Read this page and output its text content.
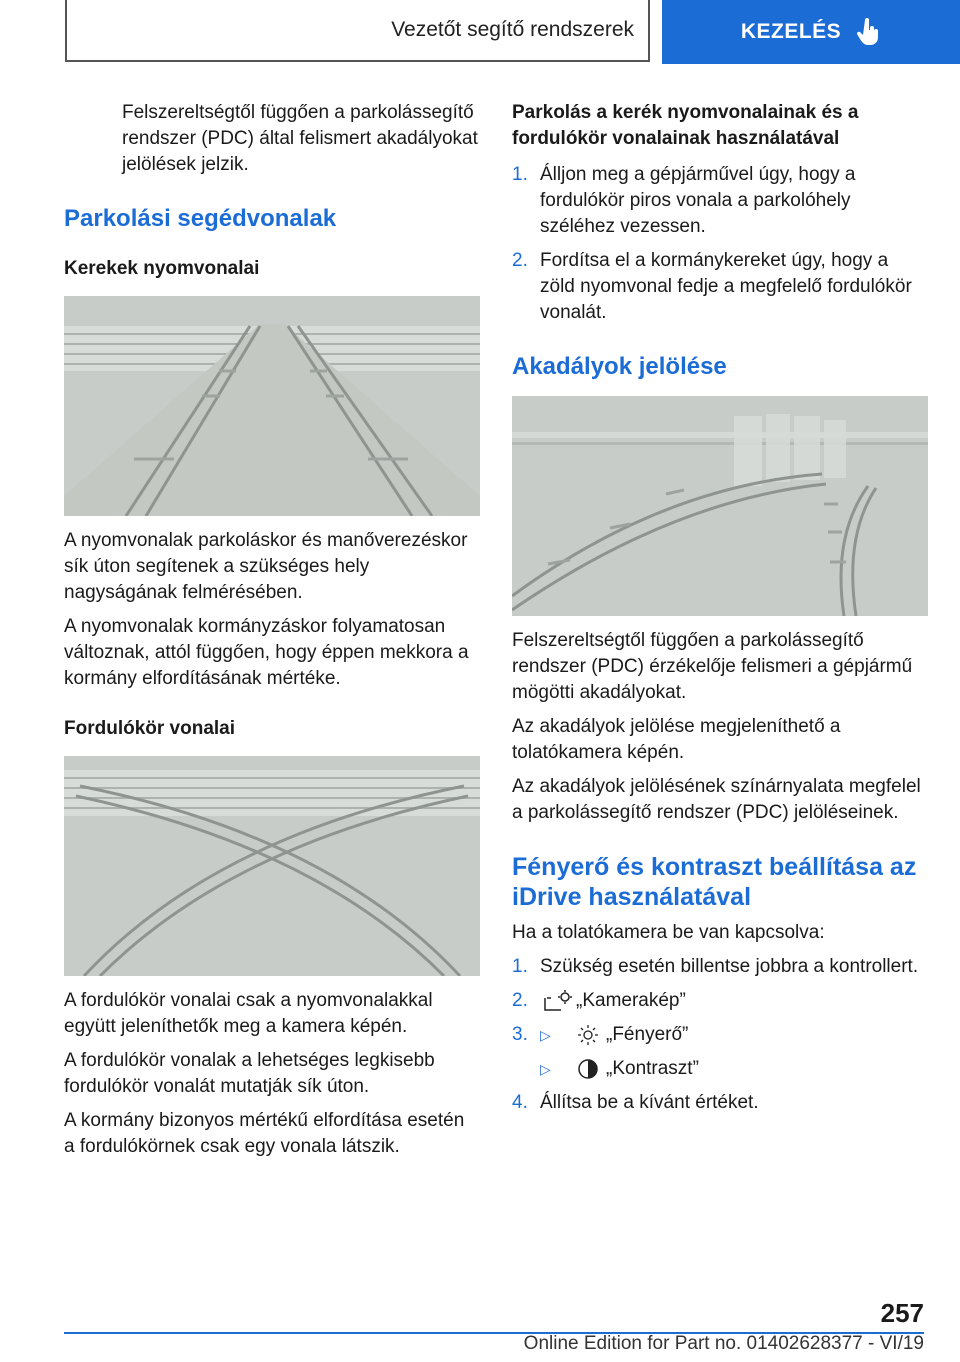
Vezetőt segítő rendszerek	KEZELÉS

Felszereltségtől függően a parkolássegítő rendszer (PDC) által felismert akadályokat jelölések jelzik.

Parkolási segédvonalak
Kerekek nyomvonalai

A nyomvonalak parkoláskor és manőverezéskor sík úton segítenek a szükséges hely nagyságának felmérésében.

A nyomvonalak kormányzáskor folyamatosan változnak, attól függően, hogy éppen mekkora a kormány elfordításának mértéke.

Fordulókör vonalai

A fordulókör vonalai csak a nyomvonalakkal együtt jeleníthetők meg a kamera képén.

A fordulókör vonalak a lehetséges legkisebb fordulókör vonalát mutatják sík úton.

A kormány bizonyos mértékű elfordítása esetén a fordulókörnek csak egy vonala látszik.

Parkolás a kerék nyomvonalainak és a fordulókör vonalainak használatával
1. Álljon meg a gépjárművel úgy, hogy a fordulókör piros vonala a parkolóhely széléhez vezessen.
2. Fordítsa el a kormánykereket úgy, hogy a zöld nyomvonal fedje a megfelelő fordulókör vonalát.
Akadályok jelölése

Felszereltségtől függően a parkolássegítő rendszer (PDC) érzékelője felismeri a gépjármű mögötti akadályokat.

Az akadályok jelölése megjeleníthető a tolatókamera képén.

Az akadályok jelölésének színárnyalata megfelel a parkolássegítő rendszer (PDC) jelöléseinek.

Fényerő és kontraszt beállítása az iDrive használatával

Ha a tolatókamera be van kapcsolva:

1. Szükség esetén billentse jobbra a kontrollert.
2.	„Kamerakép”
3. ▷	„Fényerő”
▷	„Kontraszt”
4. Állítsa be a kívánt értéket.
257
Online Edition for Part no. 01402628377 - VI/19
